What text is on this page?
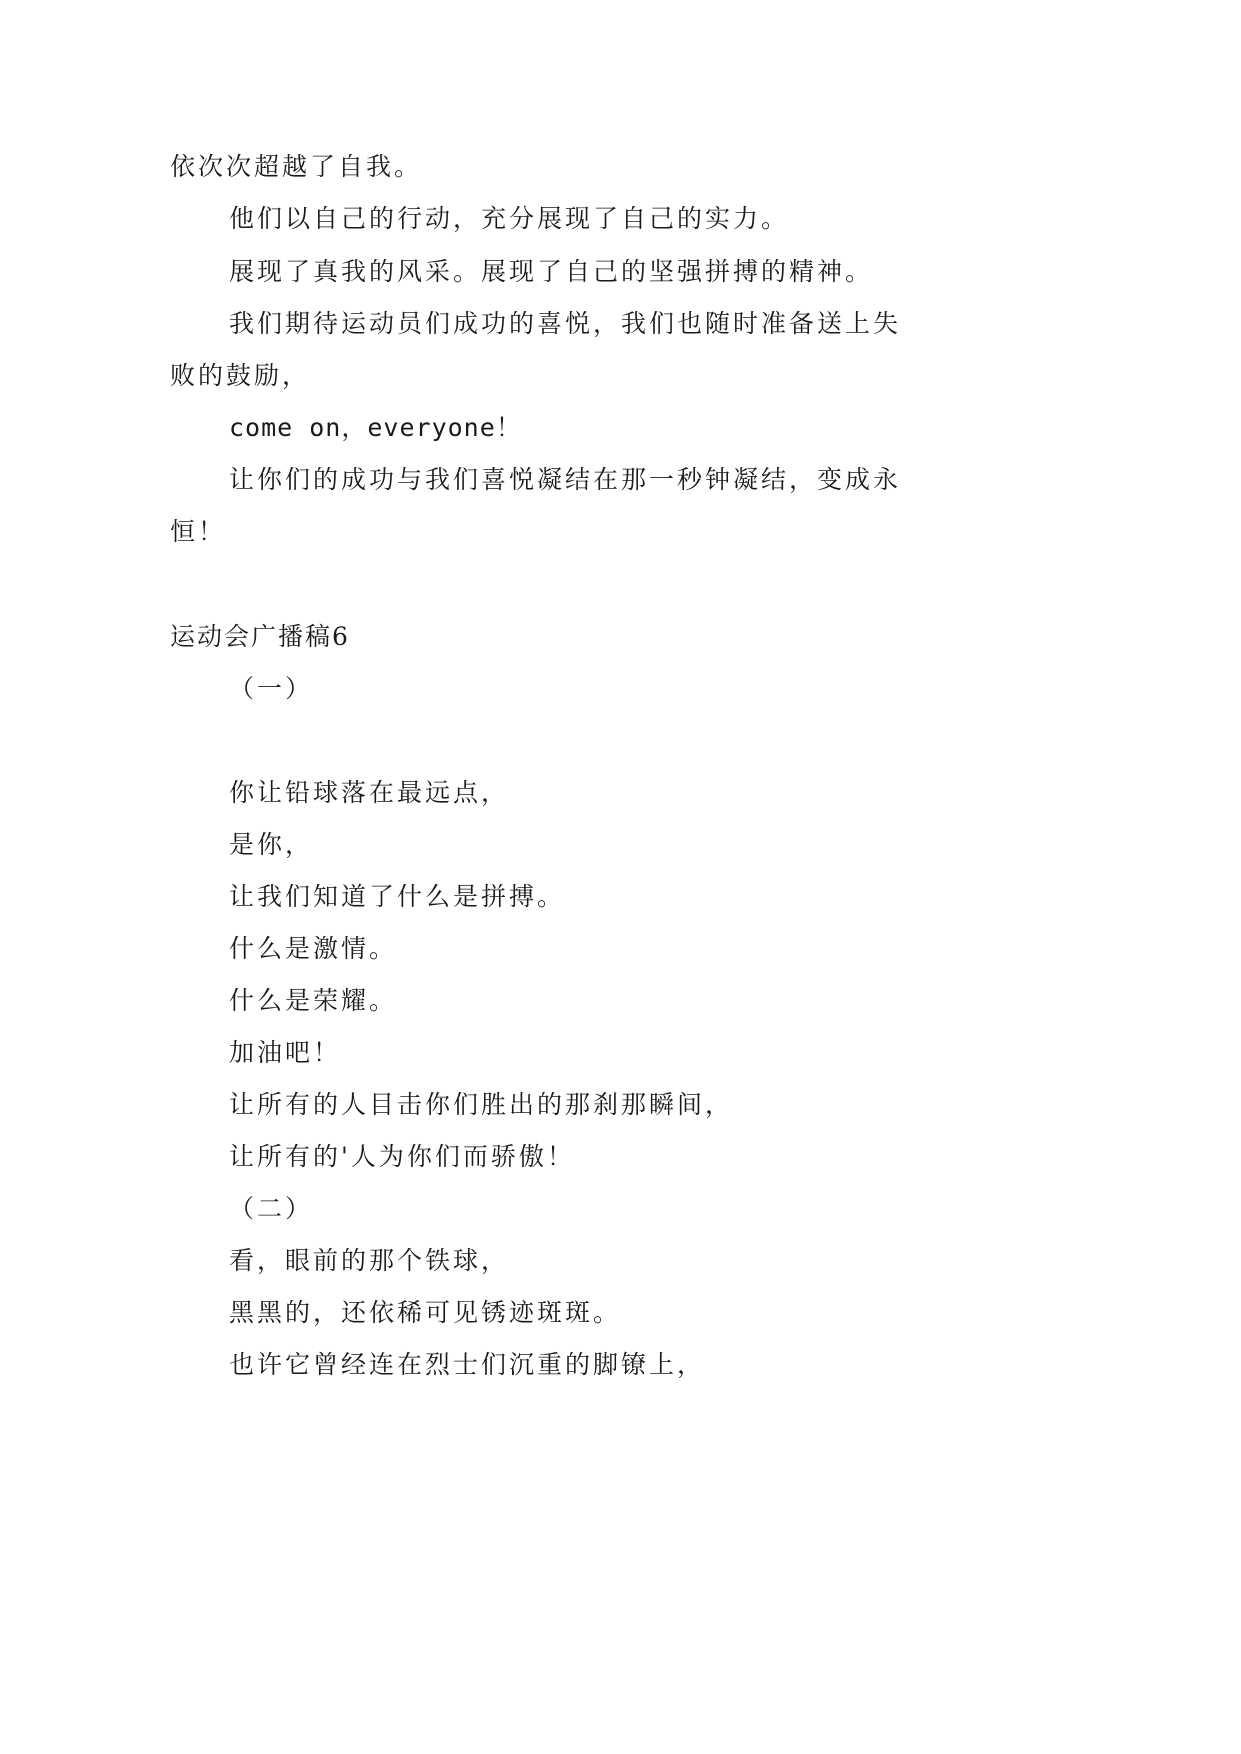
依次次超越了自我。
他们以自己的行动，充分展现了自己的实力。
展现了真我的风采。展现了自己的坚强拼搏的精神。
我们期待运动员们成功的喜悦，我们也随时准备送上失
败的鼓励，
come on，everyone！
让你们的成功与我们喜悦凝结在那一秒钟凝结，变成永
恒！
运动会广播稿6
（一）
你让铅球落在最远点，
是你，
让我们知道了什么是拼搏。
什么是激情。
什么是荣耀。
加油吧！
让所有的人目击你们胜出的那刹那瞬间，
让所有的'人为你们而骄傲！
（二）
看，眼前的那个铁球，
黑黑的，还依稀可见锈迹斑斑。
也许它曾经连在烈士们沉重的脚镣上，
